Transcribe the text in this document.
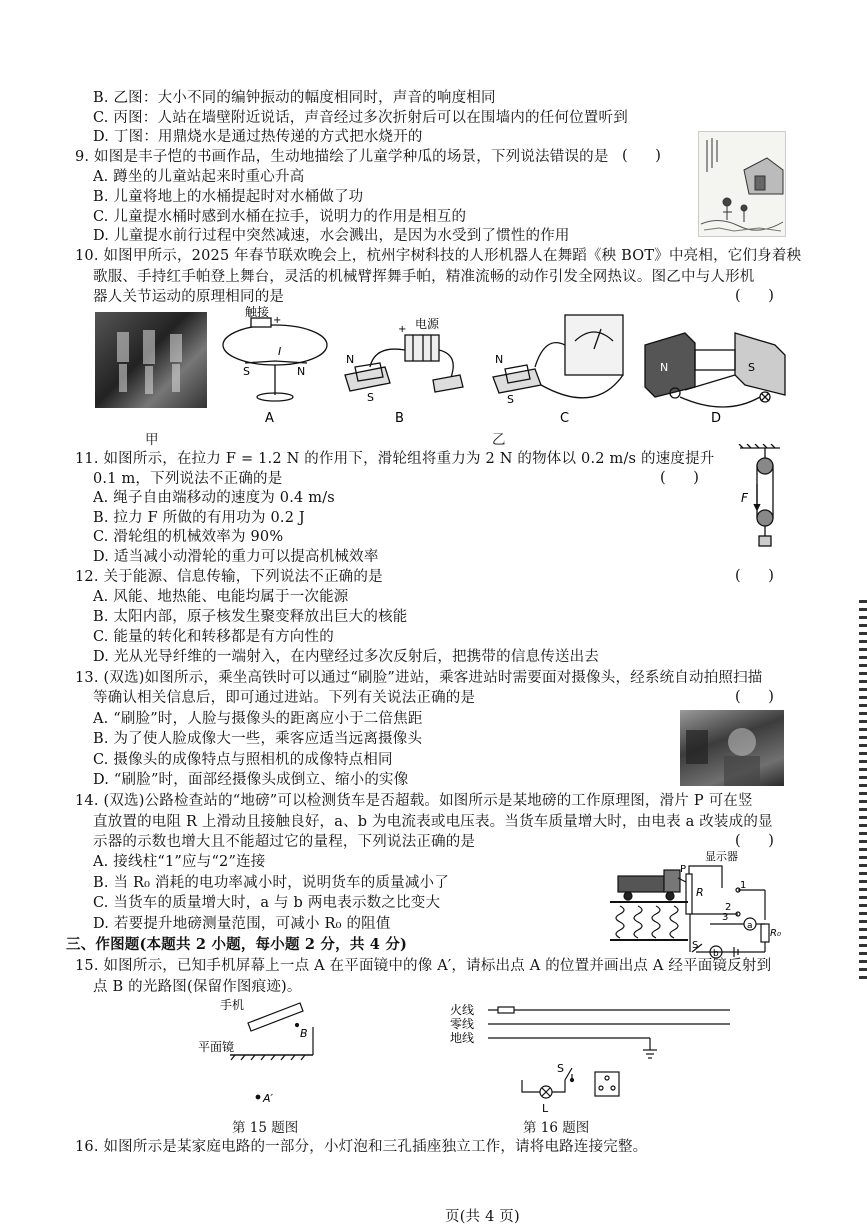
B. 乙图：大小不同的编钟振动的幅度相同时，声音的响度相同
C. 丙图：人站在墙壁附近说话，声音经过多次折射后可以在围墙内的任何位置听到
D. 丁图：用鼎烧水是通过热传递的方式把水烧开的
9. 如图是丰子恺的书画作品，生动地描绘了儿童学种瓜的场景，下列说法错误的是 (      )
A. 蹲坐的儿童站起来时重心升高
B. 儿童将地上的水桶提起时对水桶做了功
C. 儿童提水桶时感到水桶在拉手，说明力的作用是相互的
D. 儿童提水前行过程中突然减速，水会溅出，是因为水受到了惯性的作用
10. 如图甲所示，2025 年春节联欢晚会上，杭州宇树科技的人形机器人在舞蹈《秧 BOT》中亮相，它们身着秧
歌服、手持红手帕登上舞台，灵活的机械臂挥舞手帕，精准流畅的动作引发全网热议。图乙中与人形机
器人关节运动的原理相同的是	(      )
甲
触接
+
I
S	N
A
电源
+
N
S
B
N
S
C
N	S
D
乙
11. 如图所示，在拉力 F = 1.2 N 的作用下，滑轮组将重力为 2 N 的物体以 0.2 m/s 的速度提升
0.1 m，下列说法不正确的是	(      )
A. 绳子自由端移动的速度为 0.4 m/s
B. 拉力 F 所做的有用功为 0.2 J
C. 滑轮组的机械效率为 90%
D. 适当减小动滑轮的重力可以提高机械效率
F
12. 关于能源、信息传输，下列说法不正确的是	(      )
A. 风能、地热能、电能均属于一次能源
B. 太阳内部，原子核发生聚变释放出巨大的核能
C. 能量的转化和转移都是有方向性的
D. 光从光导纤维的一端射入，在内壁经过多次反射后，把携带的信息传送出去
13. (双选)如图所示，乘坐高铁时可以通过“刷脸”进站，乘客进站时需要面对摄像头，经系统自动拍照扫描
等确认相关信息后，即可通过进站。下列有关说法正确的是	(      )
A. “刷脸”时，人脸与摄像头的距离应小于二倍焦距
B. 为了使人脸成像大一些，乘客应适当远离摄像头
C. 摄像头的成像特点与照相机的成像特点相同
D. “刷脸”时，面部经摄像头成倒立、缩小的实像
14. (双选)公路检查站的“地磅”可以检测货车是否超载。如图所示是某地磅的工作原理图，滑片 P 可在竖
直放置的电阻 R 上滑动且接触良好，a、b 为电流表或电压表。当货车质量增大时，由电表 a 改装成的显
示器的示数也增大且不能超过它的量程，下列说法正确的是	(      )
A. 接线柱“1”应与“2”连接
B. 当 R₀ 消耗的电功率减小时，说明货车的质量减小了
C. 当货车的质量增大时，a 与 b 两电表示数之比变大
D. 若要提升地磅测量范围，可减小 R₀ 的阻值
显示器
P
R
1
2
3
a
b
S
R₀
三、作图题(本题共 2 小题，每小题 2 分，共 4 分)
15. 如图所示，已知手机屏幕上一点 A 在平面镜中的像 A′，请标出点 A 的位置并画出点 A 经平面镜反射到
点 B 的光路图(保留作图痕迹)。
手机
平面镜
B
A′
第 15 题图
火线
零线
地线
S
L
第 16 题图
16. 如图所示是某家庭电路的一部分，小灯泡和三孔插座独立工作，请将电路连接完整。
页(共 4 页)
